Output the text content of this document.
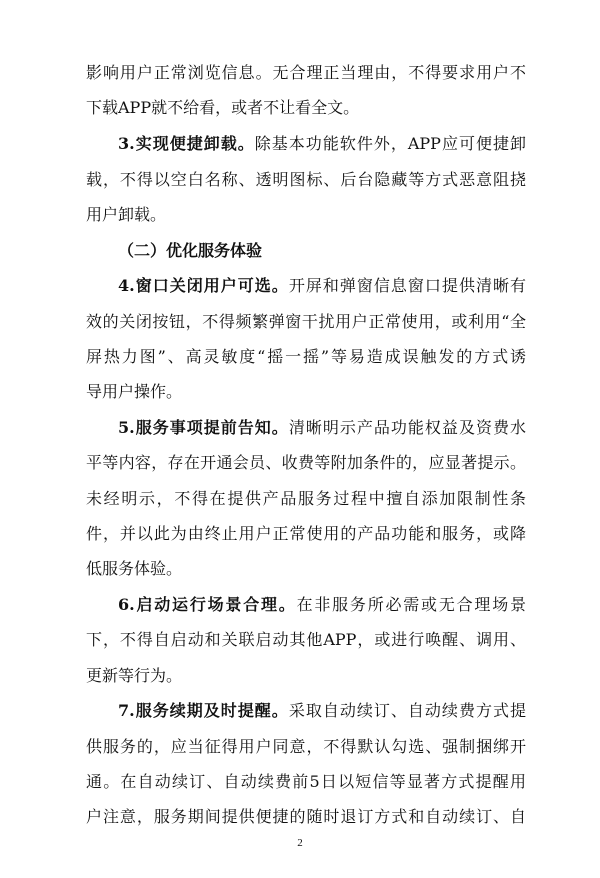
影响用户正常浏览信息。无合理正当理由，不得要求用户不
下载APP就不给看，或者不让看全文。
3.实现便捷卸载。除基本功能软件外，APP应可便捷卸
载，不得以空白名称、透明图标、后台隐藏等方式恶意阻挠
用户卸载。
（二）优化服务体验
4.窗口关闭用户可选。开屏和弹窗信息窗口提供清晰有
效的关闭按钮，不得频繁弹窗干扰用户正常使用，或利用“全
屏热力图”、高灵敏度“摇一摇”等易造成误触发的方式诱
导用户操作。
5.服务事项提前告知。清晰明示产品功能权益及资费水
平等内容，存在开通会员、收费等附加条件的，应显著提示。
未经明示，不得在提供产品服务过程中擅自添加限制性条
件，并以此为由终止用户正常使用的产品功能和服务，或降
低服务体验。
6.启动运行场景合理。在非服务所必需或无合理场景
下，不得自启动和关联启动其他APP，或进行唤醒、调用、
更新等行为。
7.服务续期及时提醒。采取自动续订、自动续费方式提
供服务的，应当征得用户同意，不得默认勾选、强制捆绑开
通。在自动续订、自动续费前5日以短信等显著方式提醒用
户注意，服务期间提供便捷的随时退订方式和自动续订、自
2
